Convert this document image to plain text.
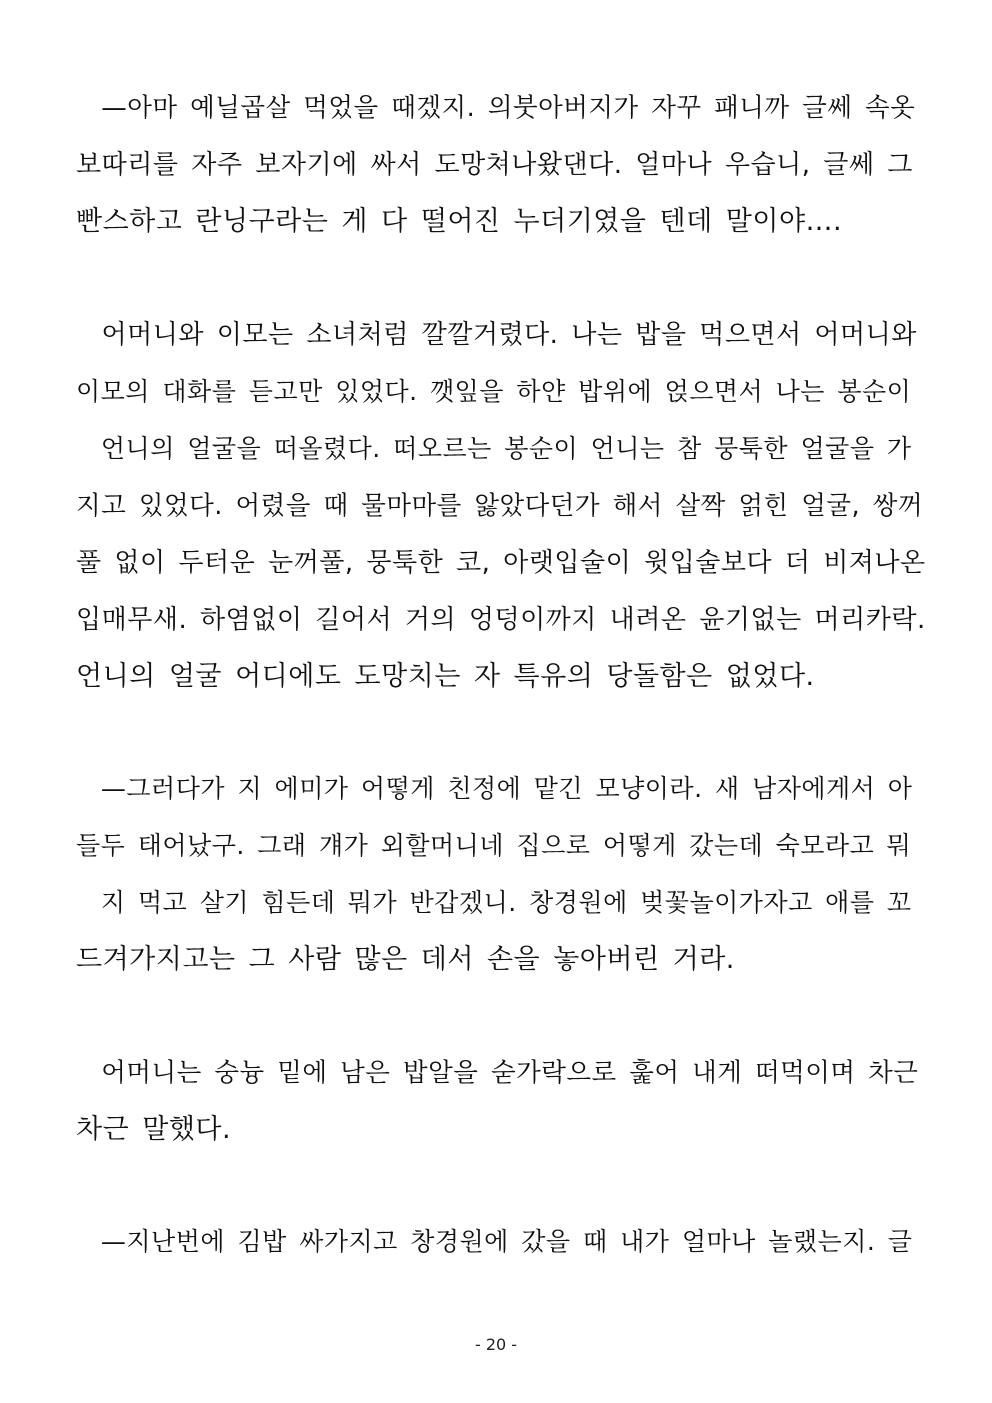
—아마 예닐곱살 먹었을 때겠지. 의붓아버지가 자꾸 패니까 글쎄 속옷
보따리를 자주 보자기에 싸서 도망쳐나왔댄다. 얼마나 우습니, 글쎄 그
빤스하고 란닝구라는 게 다 떨어진 누더기였을 텐데 말이야….
어머니와 이모는 소녀처럼 깔깔거렸다. 나는 밥을 먹으면서 어머니와
이모의 대화를 듣고만 있었다. 깻잎을 하얀 밥위에 얹으면서 나는 봉순이
언니의 얼굴을 떠올렸다. 떠오르는 봉순이 언니는 참 뭉툭한 얼굴을 가
지고 있었다. 어렸을 때 물마마를 앓았다던가 해서 살짝 얽힌 얼굴, 쌍꺼
풀 없이 두터운 눈꺼풀, 뭉툭한 코, 아랫입술이 윗입술보다 더 비져나온
입매무새. 하염없이 길어서 거의 엉덩이까지 내려온 윤기없는 머리카락.
언니의 얼굴 어디에도 도망치는 자 특유의 당돌함은 없었다.
—그러다가 지 에미가 어떻게 친정에 맡긴 모냥이라. 새 남자에게서 아
들두 태어났구. 그래 걔가 외할머니네 집으로 어떻게 갔는데 숙모라고 뭐
지 먹고 살기 힘든데 뭐가 반갑겠니. 창경원에 벚꽃놀이가자고 애를 꼬
드겨가지고는 그 사람 많은 데서 손을 놓아버린 거라.
어머니는 숭늉 밑에 남은 밥알을 숟가락으로 훑어 내게 떠먹이며 차근
차근 말했다.
—지난번에 김밥 싸가지고 창경원에 갔을 때 내가 얼마나 놀랬는지. 글
- 20 -
